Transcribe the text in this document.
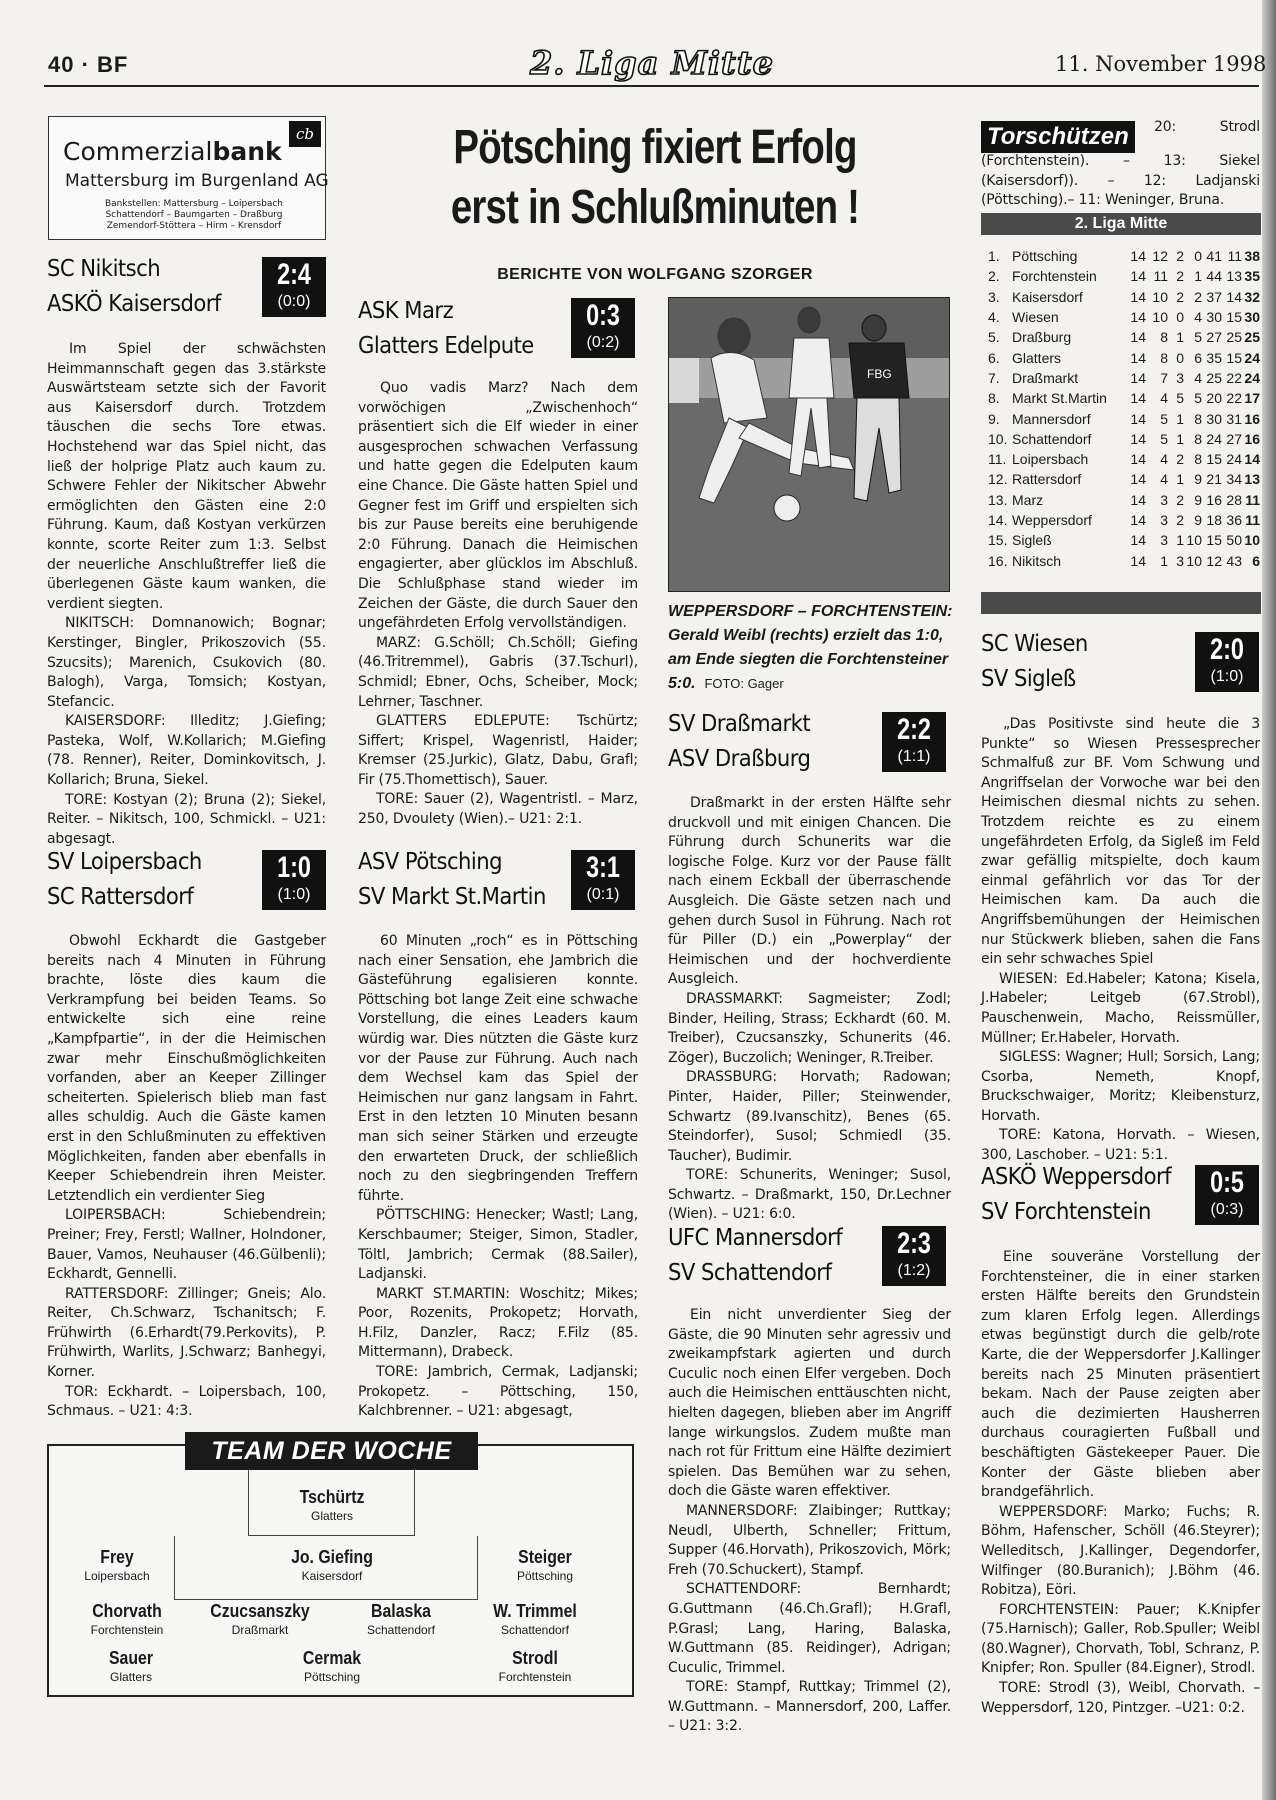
40 · BF	2. Liga Mitte	11. November 1998
cb
Commerzialbank
Mattersburg im Burgenland AG
Bankstellen: Mattersburg – Loipersbach
Schattendorf – Baumgarten – Draßburg
Zemendorf-Stöttera – Hirm – Krensdorf
Pötsching fixiert Erfolg
erst in Schlußminuten !
BERICHTE VON WOLFGANG SZORGER
SC Nikitsch
ASKÖ Kaisersdorf
2:4
(0:0)

Im Spiel der schwächsten Heimmannschaft gegen das 3.stärkste Auswärtsteam setzte sich der Favorit aus Kaisersdorf durch. Trotzdem täuschen die sechs Tore etwas. Hochstehend war das Spiel nicht, das ließ der holprige Platz auch kaum zu. Schwere Fehler der Nikitscher Abwehr ermöglichten den Gästen eine 2:0 Führung. Kaum, daß Kostyan verkürzen konnte, scorte Reiter zum 1:3. Selbst der neuerliche Anschlußtreffer ließ die überlegenen Gäste kaum wanken, die verdient siegten.

NIKITSCH: Domnanowich; Bognar; Kerstinger, Bingler, Prikoszovich (55. Szucsits); Marenich, Csukovich (80. Balogh), Varga, Tomsich; Kostyan, Stefancic.

KAISERSDORF: Illeditz; J.Giefing; Pasteka, Wolf, W.Kollarich; M.Giefing (78. Renner), Reiter, Dominkovitsch, J. Kollarich; Bruna, Siekel.

TORE: Kostyan (2); Bruna (2); Siekel, Reiter. – Nikitsch, 100, Schmickl. – U21: abgesagt.

SV Loipersbach
SC Rattersdorf
1:0
(1:0)

Obwohl Eckhardt die Gastgeber bereits nach 4 Minuten in Führung brachte, löste dies kaum die Verkrampfung bei beiden Teams. So entwickelte sich eine reine „Kampfpartie“, in der die Heimischen zwar mehr Einschußmöglichkeiten vorfanden, aber an Keeper Zillinger scheiterten. Spielerisch blieb man fast alles schuldig. Auch die Gäste kamen erst in den Schlußminuten zu effektiven Möglichkeiten, fanden aber ebenfalls in Keeper Schiebendrein ihren Meister. Letztendlich ein verdienter Sieg

LOIPERSBACH: Schiebendrein; Preiner; Frey, Ferstl; Wallner, Holndoner, Bauer, Vamos, Neuhauser (46.Gülbenli); Eckhardt, Gennelli.

RATTERSDORF: Zillinger; Gneis; Alo. Reiter, Ch.Schwarz, Tschanitsch; F. Frühwirth (6.Erhardt(79.Perkovits), P. Frühwirth, Warlits, J.Schwarz; Banhegyi, Korner.

TOR: Eckhardt. – Loipersbach, 100, Schmaus. – U21: 4:3.

ASK Marz
Glatters Edelpute
0:3
(0:2)

Quo vadis Marz? Nach dem vorwöchigen „Zwischenhoch“ präsentiert sich die Elf wieder in einer ausgesprochen schwachen Verfassung und hatte gegen die Edelputen kaum eine Chance. Die Gäste hatten Spiel und Gegner fest im Griff und erspielten sich bis zur Pause bereits eine beruhigende 2:0 Führung. Danach die Heimischen engagierter, aber glücklos im Abschluß. Die Schlußphase stand wieder im Zeichen der Gäste, die durch Sauer den ungefährdeten Erfolg vervollständigen.

MARZ: G.Schöll; Ch.Schöll; Giefing (46.Tritremmel), Gabris (37.Tschurl), Schmidl; Ebner, Ochs, Scheiber, Mock; Lehrner, Taschner.

GLATTERS EDLEPUTE: Tschürtz; Siffert; Krispel, Wagenristl, Haider; Kremser (25.Jurkic), Glatz, Dabu, Grafl; Fir (75.Thomettisch), Sauer.

TORE: Sauer (2), Wagentristl. – Marz, 250, Dvoulety (Wien).– U21: 2:1.

ASV Pötsching
SV Markt St.Martin
3:1
(0:1)

60 Minuten „roch“ es in Pöttsching nach einer Sensation, ehe Jambrich die Gästeführung egalisieren konnte. Pöttsching bot lange Zeit eine schwache Vorstellung, die eines Leaders kaum würdig war. Dies nützten die Gäste kurz vor der Pause zur Führung. Auch nach dem Wechsel kam das Spiel der Heimischen nur ganz langsam in Fahrt. Erst in den letzten 10 Minuten besann man sich seiner Stärken und erzeugte den erwarteten Druck, der schließlich noch zu den siegbringenden Treffern führte.

PÖTTSCHING: Henecker; Wastl; Lang, Kerschbaumer; Steiger, Simon, Stadler, Töltl, Jambrich; Cermak (88.Sailer), Ladjanski.

MARKT ST.MARTIN: Woschitz; Mikes; Poor, Rozenits, Prokopetz; Horvath, H.Filz, Danzler, Racz; F.Filz (85. Mittermann), Drabeck.

TORE: Jambrich, Cermak, Ladjanski; Prokopetz. – Pöttsching, 150, Kalchbrenner. – U21: abgesagt,

FBG
WEPPERSDORF – FORCHTENSTEIN: Gerald Weibl (rechts) erzielt das 1:0, am Ende siegten die Forchtensteiner 5:0. FOTO: Gager
SV Draßmarkt
ASV Draßburg
2:2
(1:1)

Draßmarkt in der ersten Hälfte sehr druckvoll und mit einigen Chancen. Die Führung durch Schunerits war die logische Folge. Kurz vor der Pause fällt nach einem Eckball der überraschende Ausgleich. Die Gäste setzen nach und gehen durch Susol in Führung. Nach rot für Piller (D.) ein „Powerplay“ der Heimischen und der hochverdiente Ausgleich.

DRASSMARKT: Sagmeister; Zodl; Binder, Heiling, Strass; Eckhardt (60. M. Treiber), Czucsanszky, Schunerits (46. Zöger), Buczolich; Weninger, R.Treiber.

DRASSBURG: Horvath; Radowan; Pinter, Haider, Piller; Steinwender, Schwartz (89.Ivanschitz), Benes (65. Steindorfer), Susol; Schmiedl (35. Taucher), Budimir.

TORE: Schunerits, Weninger; Susol, Schwartz. – Draßmarkt, 150, Dr.Lechner (Wien). – U21: 6:0.

UFC Mannersdorf
SV Schattendorf
2:3
(1:2)

Ein nicht unverdienter Sieg der Gäste, die 90 Minuten sehr agressiv und zweikampfstark agierten und durch Cuculic noch einen Elfer vergeben. Doch auch die Heimischen enttäuschten nicht, hielten dagegen, blieben aber im Angriff lange wirkungslos. Zudem mußte man nach rot für Frittum eine Hälfte dezimiert spielen. Das Bemühen war zu sehen, doch die Gäste waren effektiver.

MANNERSDORF: Zlaibinger; Ruttkay; Neudl, Ulberth, Schneller; Frittum, Supper (46.Horvath), Prikoszovich, Mörk; Freh (70.Schuckert), Stampf.

SCHATTENDORF: Bernhardt; G.Guttmann (46.Ch.Grafl); H.Grafl, P.Grasl; Lang, Haring, Balaska, W.Guttmann (85. Reidinger), Adrigan; Cuculic, Trimmel.

TORE: Stampf, Ruttkay; Trimmel (2), W.Guttmann. – Mannersdorf, 200, Laffer. – U21: 3:2.

Torschützen	20: Strodl (Forchtenstein). – 13: Siekel (Kaisersdorf)). – 12: Ladjanski (Pöttsching).– 11: Weninger, Bruna.
2. Liga Mitte
1.	Pöttsching	14	12	2	0	41	11	38
2.	Forchtenstein	14	11	2	1	44	13	35
3.	Kaisersdorf	14	10	2	2	37	14	32
4.	Wiesen	14	10	0	4	30	15	30
5.	Draßburg	14	8	1	5	27	25	25
6.	Glatters	14	8	0	6	35	15	24
7.	Draßmarkt	14	7	3	4	25	22	24
8.	Markt St.Martin	14	4	5	5	20	22	17
9.	Mannersdorf	14	5	1	8	30	31	16
10.	Schattendorf	14	5	1	8	24	27	16
11.	Loipersbach	14	4	2	8	15	24	14
12.	Rattersdorf	14	4	1	9	21	34	13
13.	Marz	14	3	2	9	16	28	11
14.	Weppersdorf	14	3	2	9	18	36	11
15.	Sigleß	14	3	1	10	15	50	10
16.	Nikitsch	14	1	3	10	12	43	6
SC Wiesen
SV Sigleß
2:0
(1:0)

„Das Positivste sind heute die 3 Punkte“ so Wiesen Pressesprecher Schmalfuß zur BF. Vom Schwung und Angriffselan der Vorwoche war bei den Heimischen diesmal nichts zu sehen. Trotzdem reichte es zu einem ungefährdeten Erfolg, da Sigleß im Feld zwar gefällig mitspielte, doch kaum einmal gefährlich vor das Tor der Heimischen kam. Da auch die Angriffsbemühungen der Heimischen nur Stückwerk blieben, sahen die Fans ein sehr schwaches Spiel

WIESEN: Ed.Habeler; Katona; Kisela, J.Habeler; Leitgeb (67.Strobl), Pauschenwein, Macho, Reissmüller, Müllner; Er.Habeler, Horvath.

SIGLESS: Wagner; Hull; Sorsich, Lang; Csorba, Nemeth, Knopf, Bruckschwaiger, Moritz; Kleibensturz, Horvath.

TORE: Katona, Horvath. – Wiesen, 300, Laschober. – U21: 5:1.

ASKÖ Weppersdorf
SV Forchtenstein
0:5
(0:3)

Eine souveräne Vorstellung der Forchtensteiner, die in einer starken ersten Hälfte bereits den Grundstein zum klaren Erfolg legen. Allerdings etwas begünstigt durch die gelb/rote Karte, die der Weppersdorfer J.Kallinger bereits nach 25 Minuten präsentiert bekam. Nach der Pause zeigten aber auch die dezimierten Hausherren durchaus couragierten Fußball und beschäftigten Gästekeeper Pauer. Die Konter der Gäste blieben aber brandgefährlich.

WEPPERSDORF: Marko; Fuchs; R. Böhm, Hafenscher, Schöll (46.Steyrer); Welleditsch, J.Kallinger, Degendorfer, Wilfinger (80.Buranich); J.Böhm (46. Robitza), Eöri.

FORCHTENSTEIN: Pauer; K.Knipfer (75.Harnisch); Galler, Rob.Spuller; Weibl (80.Wagner), Chorvath, Tobl, Schranz, P. Knipfer; Ron. Spuller (84.Eigner), Strodl.

TORE: Strodl (3), Weibl, Chorvath. – Weppersdorf, 120, Pintzger. –U21: 0:2.

TEAM DER WOCHE
Tschürtz
Glatters
Frey
Loipersbach
Jo. Giefing
Kaisersdorf
Steiger
Pöttsching
Chorvath
Forchtenstein
Czucsanszky
Draßmarkt
Balaska
Schattendorf
W. Trimmel
Schattendorf
Sauer
Glatters
Cermak
Pöttsching
Strodl
Forchtenstein
